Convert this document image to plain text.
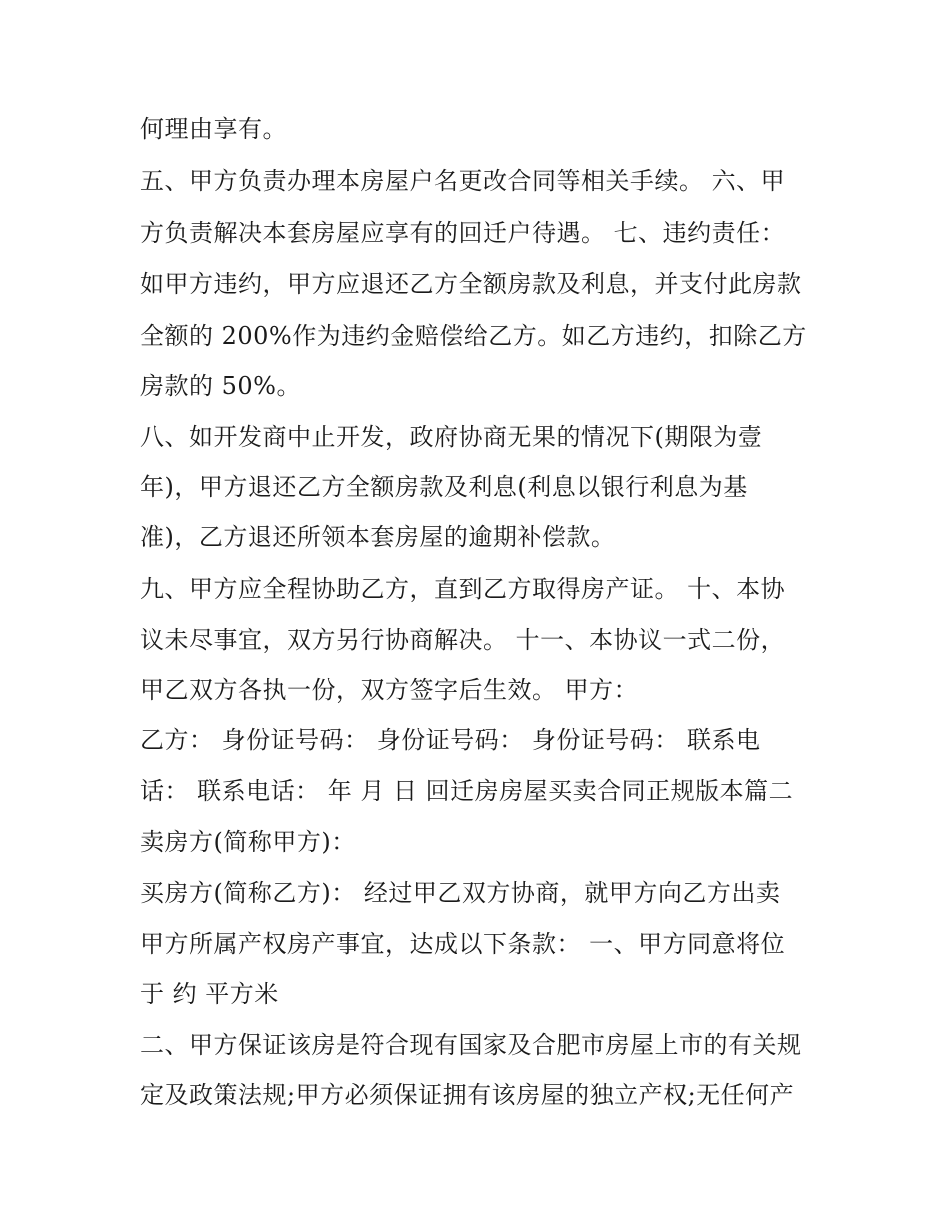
何理由享有。
五、甲方负责办理本房屋户名更改合同等相关手续。 六、甲
方负责解决本套房屋应享有的回迁户待遇。 七、违约责任：
如甲方违约，甲方应退还乙方全额房款及利息，并支付此房款
全额的 200%作为违约金赔偿给乙方。如乙方违约，扣除乙方
房款的 50%。
八、如开发商中止开发，政府协商无果的情况下(期限为壹
年)，甲方退还乙方全额房款及利息(利息以银行利息为基
准)，乙方退还所领本套房屋的逾期补偿款。
九、甲方应全程协助乙方，直到乙方取得房产证。 十、本协
议未尽事宜，双方另行协商解决。 十一、本协议一式二份，
甲乙双方各执一份，双方签字后生效。 甲方：
乙方： 身份证号码： 身份证号码： 身份证号码： 联系电
话： 联系电话： 年 月 日 回迁房房屋买卖合同正规版本篇二
卖房方(简称甲方)：
买房方(简称乙方)： 经过甲乙双方协商，就甲方向乙方出卖
甲方所属产权房产事宜，达成以下条款： 一、甲方同意将位
于 约 平方米
二、甲方保证该房是符合现有国家及合肥市房屋上市的有关规
定及政策法规;甲方必须保证拥有该房屋的独立产权;无任何产
